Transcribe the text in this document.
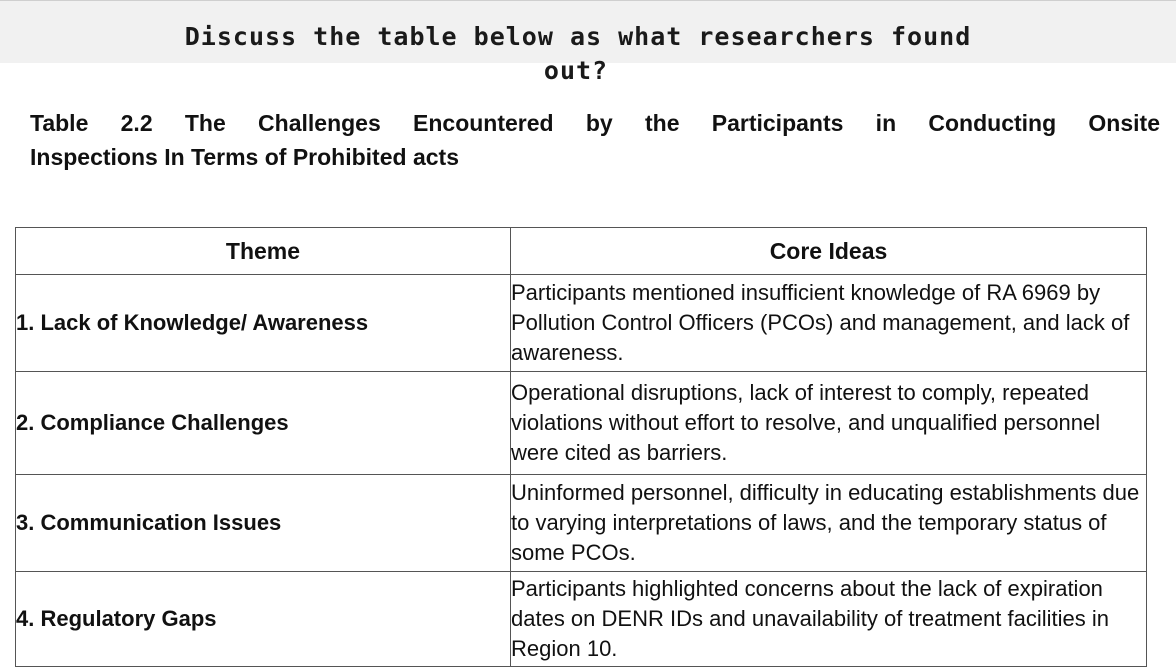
Discuss the table below as what researchers found
out?
Table 2.2 The Challenges Encountered by the Participants in Conducting Onsite
Inspections In Terms of Prohibited acts
Theme	Core Ideas
1. Lack of Knowledge/ Awareness	Participants mentioned insufficient knowledge of RA 6969 by Pollution Control Officers (PCOs) and management, and lack of awareness.
2. Compliance Challenges	Operational disruptions, lack of interest to comply, repeated violations without effort to resolve, and unqualified personnel were cited as barriers.
3. Communication Issues	Uninformed personnel, difficulty in educating establishments due to varying interpretations of laws, and the temporary status of some PCOs.
4. Regulatory Gaps	Participants highlighted concerns about the lack of expiration dates on DENR IDs and unavailability of treatment facilities in Region 10.
